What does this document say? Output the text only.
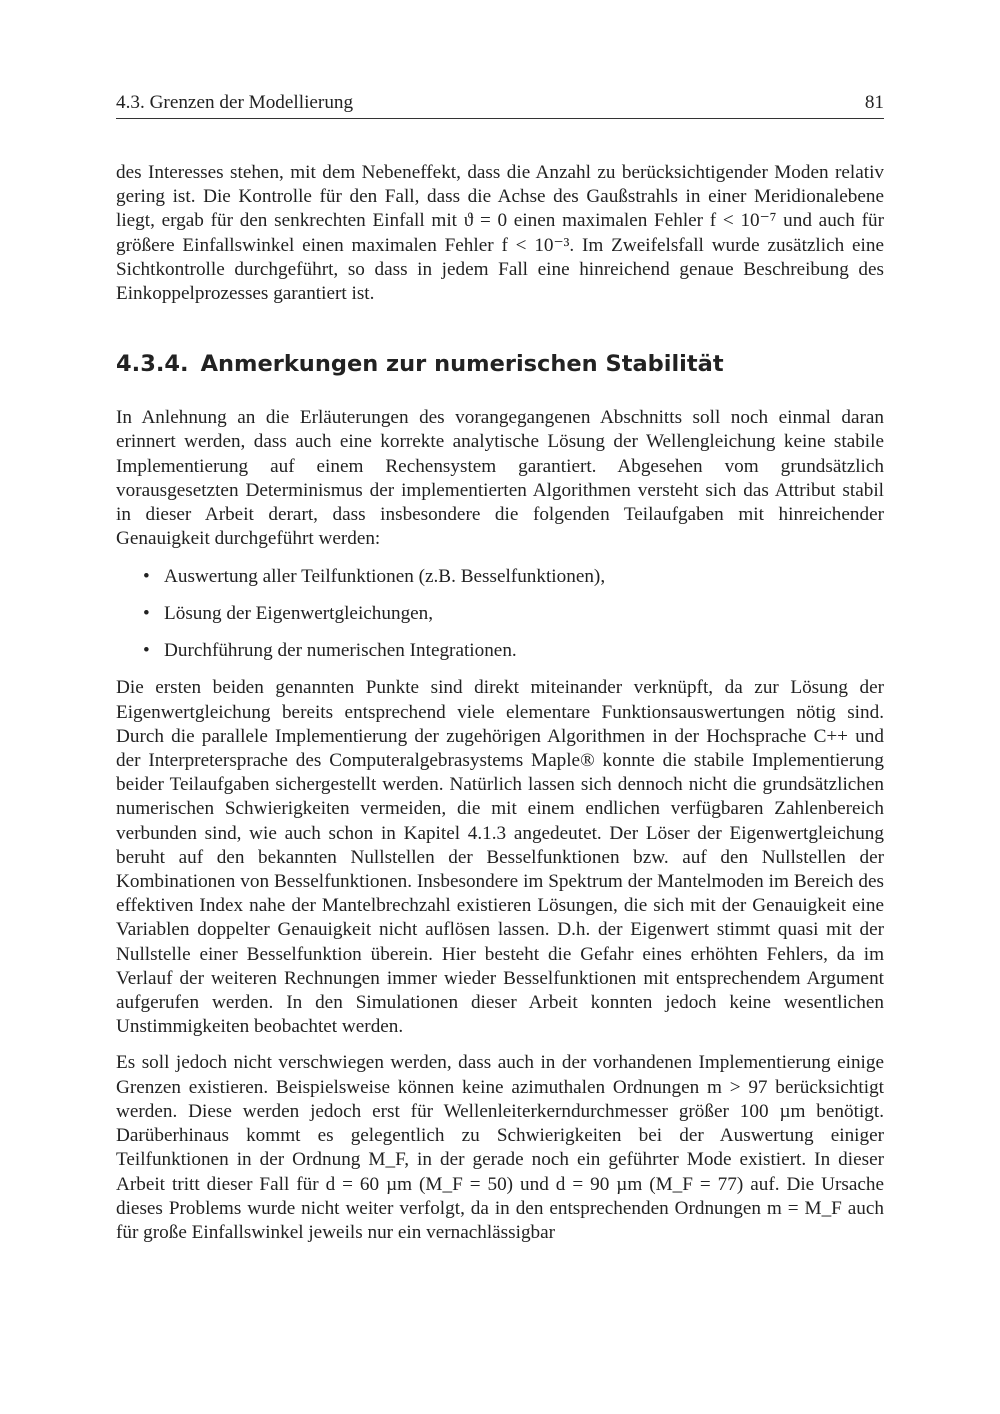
4.3. Grenzen der Modellierung	81

des Interesses stehen, mit dem Nebeneffekt, dass die Anzahl zu berücksichtigender Moden relativ gering ist. Die Kontrolle für den Fall, dass die Achse des Gaußstrahls in einer Meridionalebene liegt, ergab für den senkrechten Einfall mit ϑ = 0 einen maximalen Fehler f < 10⁻⁷ und auch für größere Einfallswinkel einen maximalen Fehler f < 10⁻³. Im Zweifelsfall wurde zusätzlich eine Sichtkontrolle durchgeführt, so dass in jedem Fall eine hinreichend genaue Beschreibung des Einkoppelprozesses garantiert ist.

4.3.4. Anmerkungen zur numerischen Stabilität

In Anlehnung an die Erläuterungen des vorangegangenen Abschnitts soll noch einmal daran erinnert werden, dass auch eine korrekte analytische Lösung der Wellengleichung keine stabile Implementierung auf einem Rechensystem garantiert. Abgesehen vom grundsätzlich vorausgesetzten Determinismus der implementierten Algorithmen versteht sich das Attribut stabil in dieser Arbeit derart, dass insbesondere die folgenden Teilaufgaben mit hinreichender Genauigkeit durchgeführt werden:

• Auswertung aller Teilfunktionen (z.B. Besselfunktionen),
• Lösung der Eigenwertgleichungen,
• Durchführung der numerischen Integrationen.

Die ersten beiden genannten Punkte sind direkt miteinander verknüpft, da zur Lösung der Eigenwertgleichung bereits entsprechend viele elementare Funktionsauswertungen nötig sind. Durch die parallele Implementierung der zugehörigen Algorithmen in der Hochsprache C++ und der Interpretersprache des Computeralgebrasystems Maple® konnte die stabile Implementierung beider Teilaufgaben sichergestellt werden. Natürlich lassen sich dennoch nicht die grundsätzlichen numerischen Schwierigkeiten vermeiden, die mit einem endlichen verfügbaren Zahlenbereich verbunden sind, wie auch schon in Kapitel 4.1.3 angedeutet. Der Löser der Eigenwertgleichung beruht auf den bekannten Nullstellen der Besselfunktionen bzw. auf den Nullstellen der Kombinationen von Besselfunktionen. Insbesondere im Spektrum der Mantelmoden im Bereich des effektiven Index nahe der Mantelbrechzahl existieren Lösungen, die sich mit der Genauigkeit eine Variablen doppelter Genauigkeit nicht auflösen lassen. D.h. der Eigenwert stimmt quasi mit der Nullstelle einer Besselfunktion überein. Hier besteht die Gefahr eines erhöhten Fehlers, da im Verlauf der weiteren Rechnungen immer wieder Besselfunktionen mit entsprechendem Argument aufgerufen werden. In den Simulationen dieser Arbeit konnten jedoch keine wesentlichen Unstimmigkeiten beobachtet werden.

Es soll jedoch nicht verschwiegen werden, dass auch in der vorhandenen Implementierung einige Grenzen existieren. Beispielsweise können keine azimuthalen Ordnungen m > 97 berücksichtigt werden. Diese werden jedoch erst für Wellenleiterkerndurchmesser größer 100 µm benötigt. Darüberhinaus kommt es gelegentlich zu Schwierigkeiten bei der Auswertung einiger Teilfunktionen in der Ordnung M_F, in der gerade noch ein geführter Mode existiert. In dieser Arbeit tritt dieser Fall für d = 60 µm (M_F = 50) und d = 90 µm (M_F = 77) auf. Die Ursache dieses Problems wurde nicht weiter verfolgt, da in den entsprechenden Ordnungen m = M_F auch für große Einfallswinkel jeweils nur ein vernachlässigbar
